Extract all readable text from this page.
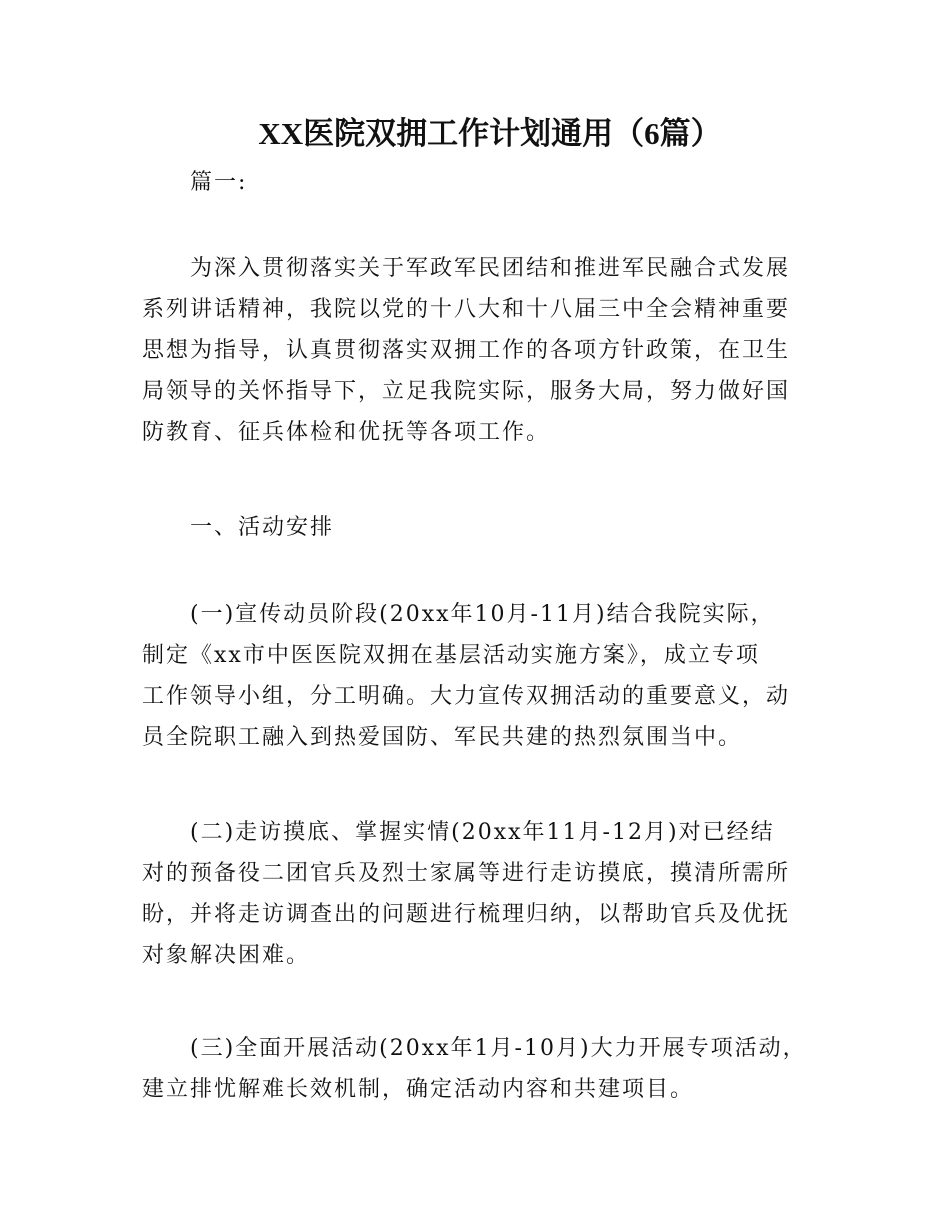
XX医院双拥工作计划通用（6篇）

篇一:

为深入贯彻落实关于军政军民团结和推进军民融合式发展

系列讲话精神，我院以党的十八大和十八届三中全会精神重要

思想为指导，认真贯彻落实双拥工作的各项方针政策，在卫生

局领导的关怀指导下，立足我院实际，服务大局，努力做好国

防教育、征兵体检和优抚等各项工作。

一、活动安排

(一)宣传动员阶段(20xx年10月-11月)结合我院实际，

制定《xx市中医医院双拥在基层活动实施方案》，成立专项

工作领导小组，分工明确。大力宣传双拥活动的重要意义，动

员全院职工融入到热爱国防、军民共建的热烈氛围当中。

(二)走访摸底、掌握实情(20xx年11月-12月)对已经结

对的预备役二团官兵及烈士家属等进行走访摸底，摸清所需所

盼，并将走访调查出的问题进行梳理归纳，以帮助官兵及优抚

对象解决困难。

(三)全面开展活动(20xx年1月-10月)大力开展专项活动，

建立排忧解难长效机制，确定活动内容和共建项目。
